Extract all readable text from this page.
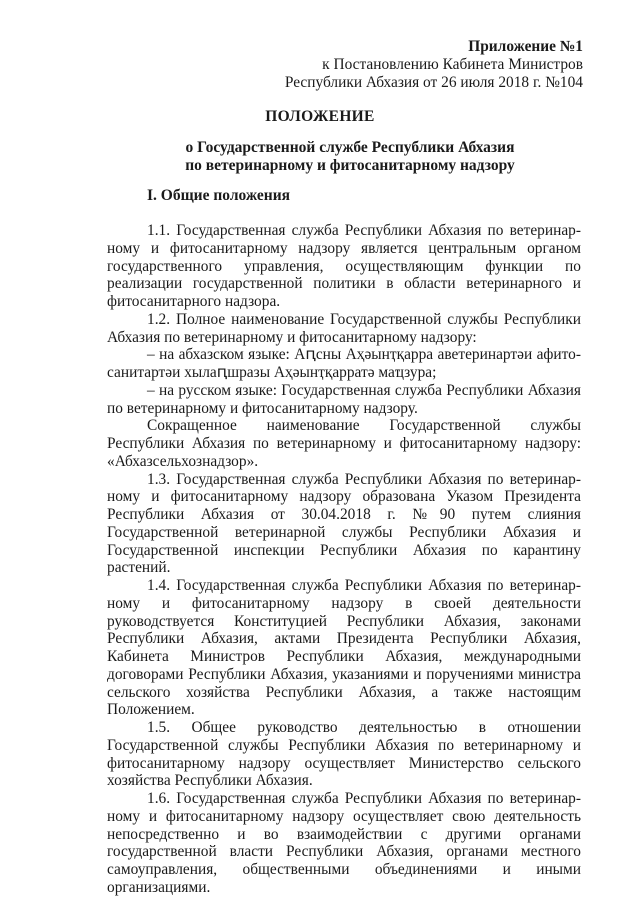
Приложение №1
к Постановлению Кабинета Министров
Республики Абхазия от 26 июля 2018 г. №104
ПОЛОЖЕНИЕ
о Государственной службе Республики Абхазия
по ветеринарному и фитосанитарному надзору
I. Общие положения

1.1. Государственная служба Республики Абхазия по ветеринарному и фитосанитарному надзору является центральным органом государственного управления, осуществляющим функции по реализации государственной политики в области ветеринарного и фитосанитарного надзора.

1.2. Полное наименование Государственной службы Республики Абхазия по ветеринарному и фитосанитарному надзору:

– на абхазском языке: Аԥсны Аҳәынҭқарра аветеринартәи афитосанитартәи хылаԥшразы Аҳәынҭқарратә маҵзура;

– на русском языке: Государственная служба Республики Абхазия по ветеринарному и фитосанитарному надзору.

Сокращенное наименование Государственной службы Республики Абхазия по ветеринарному и фитосанитарному надзору: «Абхазсельхознадзор».

1.3. Государственная служба Республики Абхазия по ветеринарному и фитосанитарному надзору образована Указом Президента Республики Абхазия от 30.04.2018 г. №90 путем слияния Государственной ветеринарной службы Республики Абхазия и Государственной инспекции Республики Абхазия по карантину растений.

1.4. Государственная служба Республики Абхазия по ветеринарному и фитосанитарному надзору в своей деятельности руководствуется Конституцией Республики Абхазия, законами Республики Абхазия, актами Президента Республики Абхазия, Кабинета Министров Республики Абхазия, международными договорами Республики Абхазия, указаниями и поручениями министра сельского хозяйства Республики Абхазия, а также настоящим Положением.

1.5. Общее руководство деятельностью в отношении Государственной службы Республики Абхазия по ветеринарному и фитосанитарному надзору осуществляет Министерство сельского хозяйства Республики Абхазия.

1.6. Государственная служба Республики Абхазия по ветеринарному и фитосанитарному надзору осуществляет свою деятельность непосредственно и во взаимодействии с другими органами государственной власти Республики Абхазия, органами местного самоуправления, общественными объединениями и иными организациями.
